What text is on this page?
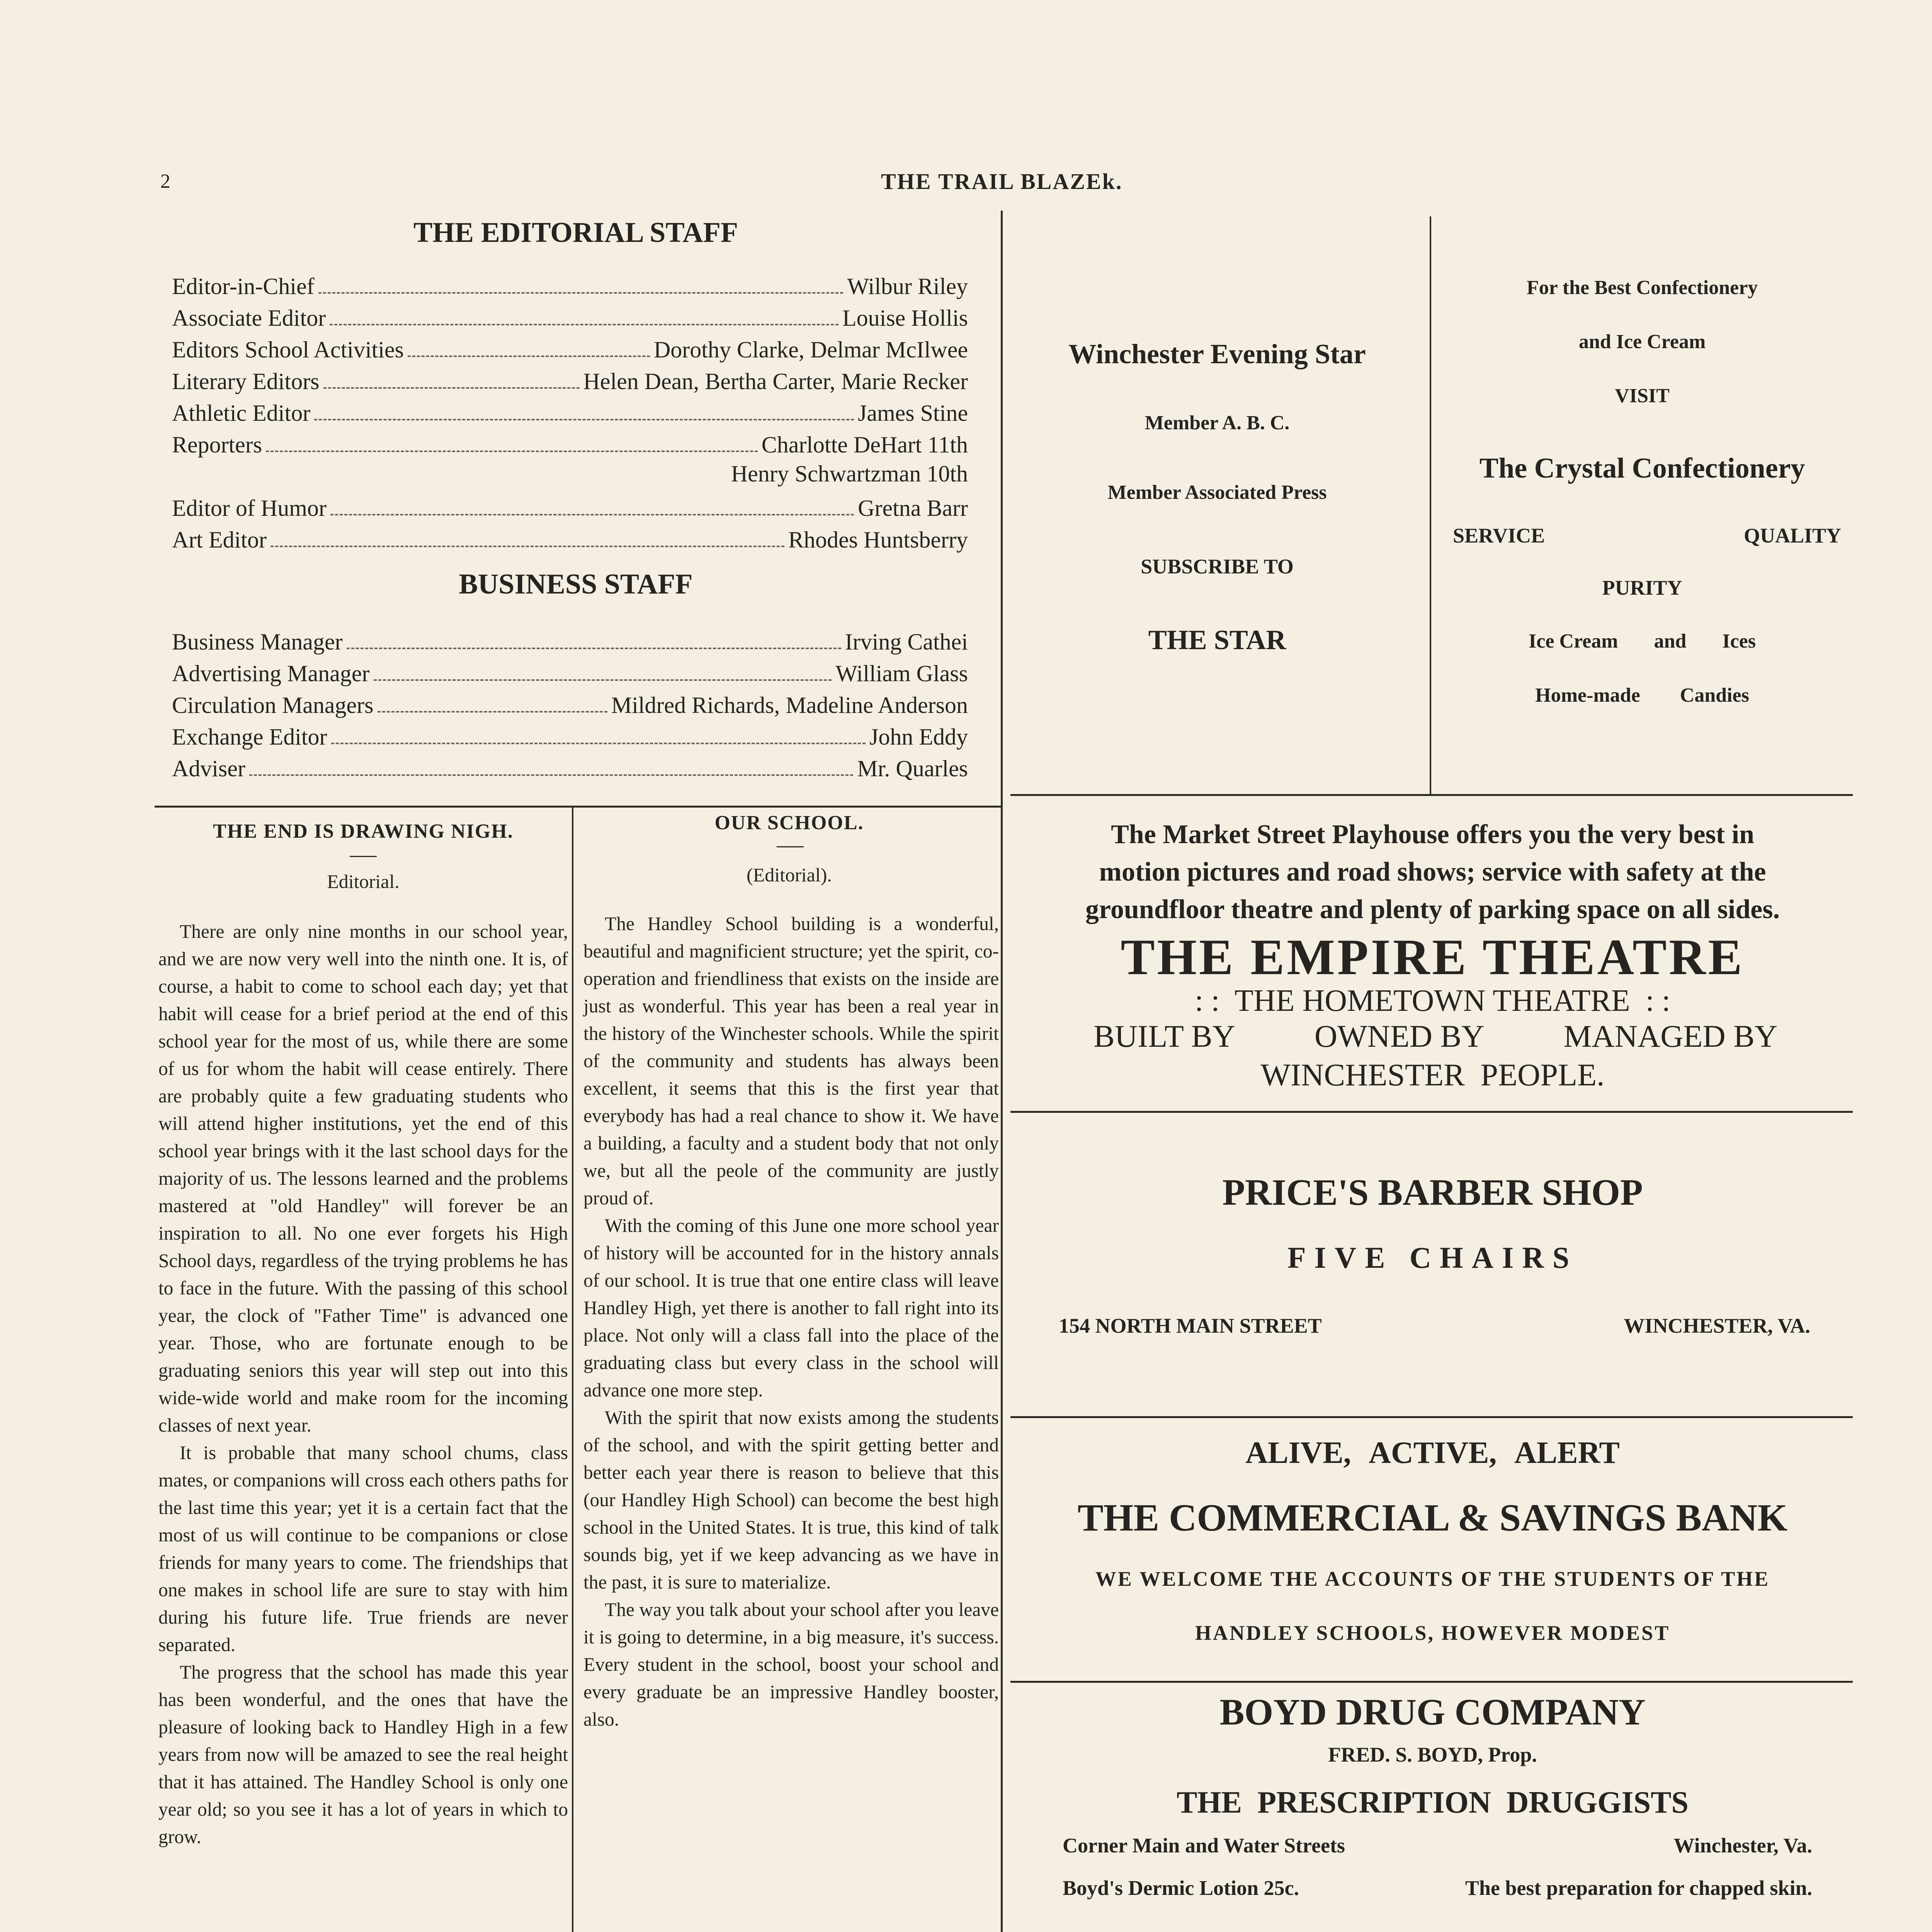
2	THE TRAIL BLAZEk.
THE EDITORIAL STAFF
Editor-in-Chief	Wilbur Riley
Associate Editor	Louise Hollis
Editors School Activities	Dorothy Clarke, Delmar McIlwee
Literary Editors	Helen Dean, Bertha Carter, Marie Recker
Athletic Editor	James Stine
Reporters	Charlotte DeHart 11th
Henry Schwartzman 10th
Editor of Humor	Gretna Barr
Art Editor	Rhodes Huntsberry
BUSINESS STAFF
Business Manager	Irving Cathei
Advertising Manager	William Glass
Circulation Managers	Mildred Richards, Madeline Anderson
Exchange Editor	John Eddy
Adviser	Mr. Quarles
THE END IS DRAWING NIGH.
Editorial.

There are only nine months in our school year, and we are now very well into the ninth one. It is, of course, a habit to come to school each day; yet that habit will cease for a brief period at the end of this school year for the most of us, while there are some of us for whom the habit will cease entirely. There are probably quite a few graduating students who will attend higher institutions, yet the end of this school year brings with it the last school days for the majority of us. The lessons learned and the problems mastered at "old Handley" will forever be an inspiration to all. No one ever forgets his High School days, regardless of the trying problems he has to face in the future. With the passing of this school year, the clock of "Father Time" is advanced one year. Those, who are fortunate enough to be graduating seniors this year will step out into this wide-wide world and make room for the incoming classes of next year.

It is probable that many school chums, class mates, or companions will cross each others paths for the last time this year; yet it is a certain fact that the most of us will continue to be companions or close friends for many years to come. The friendships that one makes in school life are sure to stay with him during his future life. True friends are never separated.

The progress that the school has made this year has been wonderful, and the ones that have the pleasure of looking back to Handley High in a few years from now will be amazed to see the real height that it has attained. The Handley School is only one year old; so you see it has a lot of years in which to grow.

OUR SCHOOL.
(Editorial).

The Handley School building is a wonderful, beautiful and magnificient structure; yet the spirit, co-operation and friendliness that exists on the inside are just as wonderful. This year has been a real year in the history of the Winchester schools. While the spirit of the community and students has always been excellent, it seems that this is the first year that everybody has had a real chance to show it. We have a building, a faculty and a student body that not only we, but all the peole of the community are justly proud of.

With the coming of this June one more school year of history will be accounted for in the history annals of our school. It is true that one entire class will leave Handley High, yet there is another to fall right into its place. Not only will a class fall into the place of the graduating class but every class in the school will advance one more step.

With the spirit that now exists among the students of the school, and with the spirit getting better and better each year there is reason to believe that this (our Handley High School) can become the best high school in the United States. It is true, this kind of talk sounds big, yet if we keep advancing as we have in the past, it is sure to materialize.

The way you talk about your school after you leave it is going to determine, in a big measure, it's success. Every student in the school, boost your school and every graduate be an impressive Handley booster, also.

Winchester Evening Star
Member A. B. C.
Member Associated Press
SUBSCRIBE TO
THE STAR
For the Best Confectionery
and Ice Cream
VISIT
The Crystal Confectionery
SERVICE	QUALITY
PURITY
Ice Cream and Ices
Home-made Candies
The Market Street Playhouse offers you the very best in
motion pictures and road shows; service with safety at the
groundfloor theatre and plenty of parking space on all sides.
THE EMPIRE THEATRE
: :  THE HOMETOWN THEATRE  : :
BUILT BY	OWNED BY	MANAGED BY
WINCHESTER PEOPLE.
PRICE'S BARBER SHOP
FIVE CHAIRS
154 NORTH MAIN STREET	WINCHESTER, VA.
ALIVE, ACTIVE, ALERT
THE COMMERCIAL & SAVINGS BANK
WE WELCOME THE ACCOUNTS OF THE STUDENTS OF THE
HANDLEY SCHOOLS, HOWEVER MODEST
BOYD DRUG COMPANY
FRED. S. BOYD, Prop.
THE PRESCRIPTION DRUGGISTS
Corner Main and Water Streets	Winchester, Va.
Boyd's Dermic Lotion 25c.	The best preparation for chapped skin.
